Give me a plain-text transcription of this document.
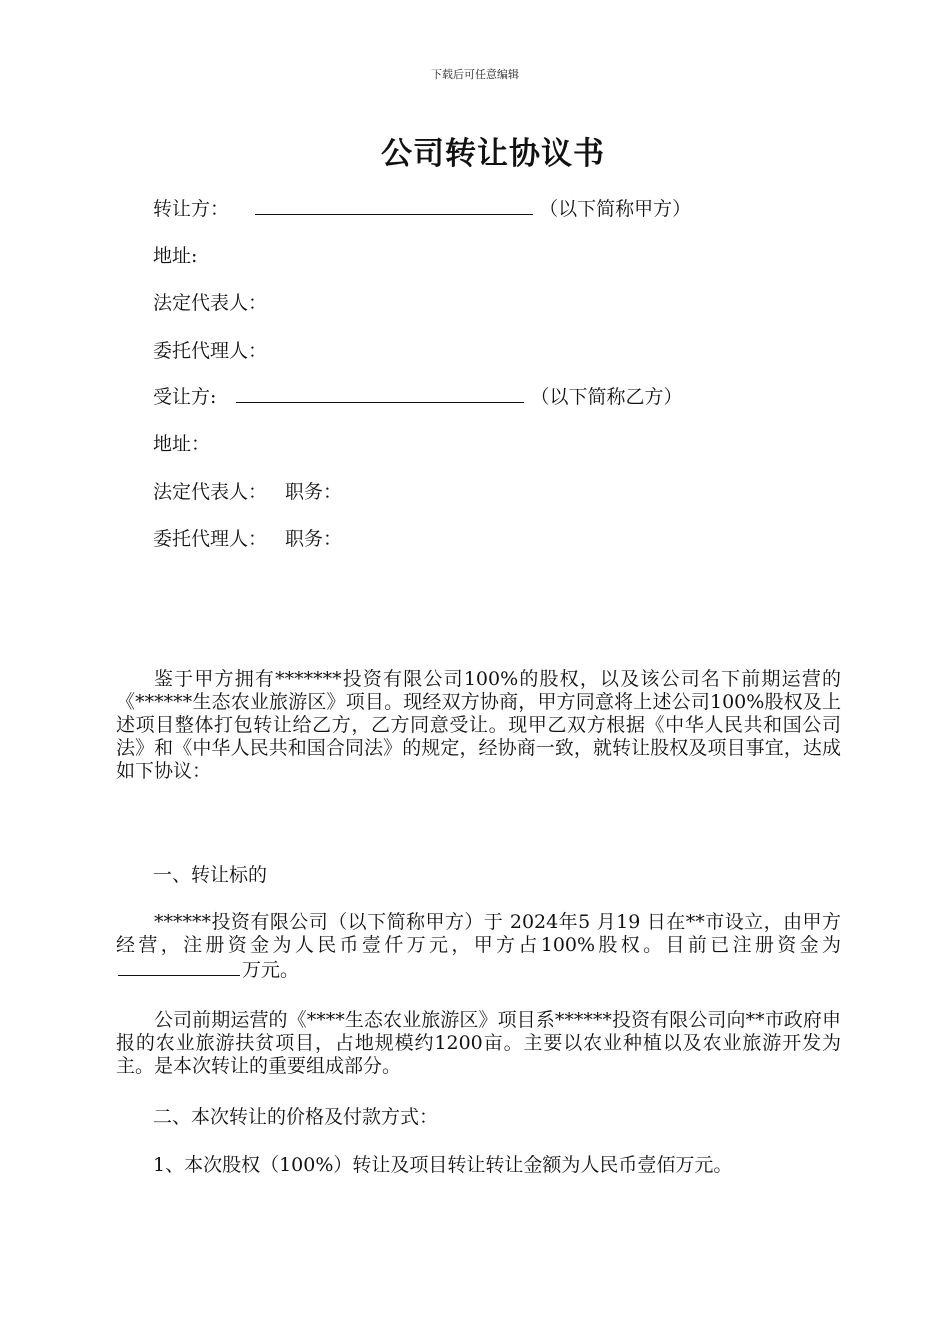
下载后可任意编辑
公司转让协议书
转让方：	（以下简称甲方）
地址:
法定代表人：
委托代理人：
受让方:	（以下简称乙方）
地址：
法定代表人： 职务：
委托代理人： 职务：

鉴于甲方拥有*******投资有限公司100%的股权，以及该公司名下前期运营的《******生态农业旅游区》项目。现经双方协商，甲方同意将上述公司100%股权及上述项目整体打包转让给乙方，乙方同意受让。现甲乙双方根据《中华人民共和国公司法》和《中华人民共和国合同法》的规定，经协商一致，就转让股权及项目事宜，达成如下协议：

一、转让标的

******投资有限公司（以下简称甲方）于 2024年5 月19 日在**市设立，由甲方经营，注册资金为人民币壹仟万元，甲方占100%股权。目前已注册资金为万元。

公司前期运营的《****生态农业旅游区》项目系******投资有限公司向**市政府申报的农业旅游扶贫项目，占地规模约1200亩。主要以农业种植以及农业旅游开发为主。是本次转让的重要组成部分。

二、本次转让的价格及付款方式：

1、本次股权（100%）转让及项目转让转让金额为人民币壹佰万元。
